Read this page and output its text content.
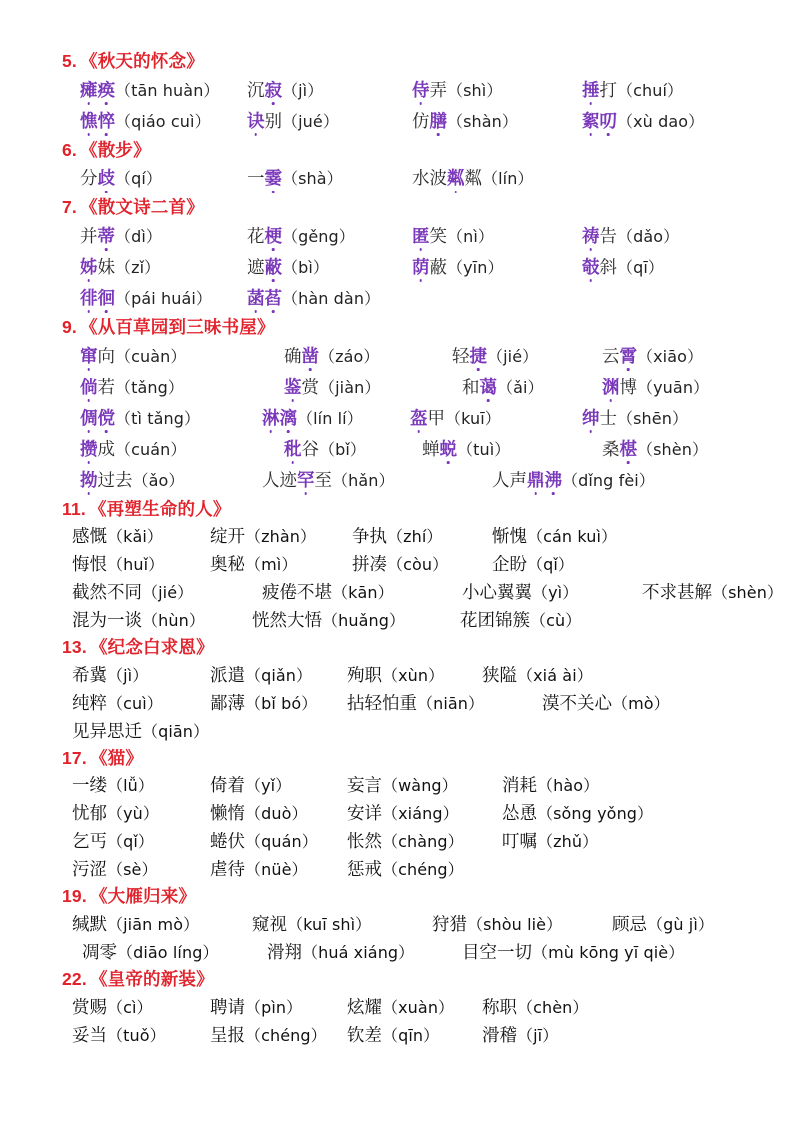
5. 《秋天的怀念》
瘫痪（tān huàn） 沉寂（jì）	侍弄（shì）	捶打（chuí）
憔悴（qiáo cuì） 诀别（jué）	仿膳（shàn）	絮叨（xù dao）
6. 《散步》
分歧（qí）	一霎（shà）	水波粼粼（lín）
7. 《散文诗二首》
并蒂（dì）	花梗（gěng）	匿笑（nì）	祷告（dǎo）
姊妹（zǐ）	遮蔽（bì）	荫蔽（yīn）	攲斜（qī）
徘徊（pái huái） 菡萏（hàn dàn）
9. 《从百草园到三味书屋》
窜向（cuàn）	确凿（záo）	轻捷（jié）	云霄（xiāo）
倘若（tǎng）	鉴赏（jiàn）	和蔼（ǎi）	渊博（yuān）
倜傥（tì tǎng）	淋漓（lín lí）	盔甲（kuī）	绅士（shēn）
攒成（cuán）	秕谷（bǐ）	蝉蜕（tuì）	桑椹（shèn）
拗过去（ǎo）	人迹罕至（hǎn）	人声鼎沸（dǐng fèi）
11. 《再塑生命的人》
感慨（kǎi）	绽开（zhàn） 争执（zhí）	惭愧（cán kuì）
悔恨（huǐ）	奥秘（mì）	拼凑（còu）	企盼（qǐ）
截然不同（jié）	疲倦不堪（kān）	小心翼翼（yì）	不求甚解（shèn）
混为一谈（hùn）	恍然大悟（huǎng）	花团锦簇（cù）
13. 《纪念白求恩》
希冀（jì）	派遣（qiǎn） 殉职（xùn） 狭隘（xiá ài）
纯粹（cuì）	鄙薄（bǐ bó） 拈轻怕重（niān）	漠不关心（mò）
见异思迁（qiān）
17. 《猫》
一缕（lǚ）	倚着（yǐ）	妄言（wàng）	消耗（hào）
忧郁（yù）	懒惰（duò） 安详（xiáng） 怂恿（sǒng yǒng）
乞丐（qǐ）	蜷伏（quán） 怅然（chàng） 叮嘱（zhǔ）
污涩（sè）	虐待（nüè） 惩戒（chéng）
19. 《大雁归来》
缄默（jiān mò）	窥视（kuī shì）	狩猎（shòu liè）	顾忌（gù jì）
凋零（diāo líng）	滑翔（huá xiáng）	目空一切（mù kōng yī qiè）
22. 《皇帝的新装》
赏赐（cì）	聘请（pìn）	炫耀（xuàn） 称职（chèn）
妥当（tuǒ）	呈报（chéng） 钦差（qīn） 滑稽（jī）
